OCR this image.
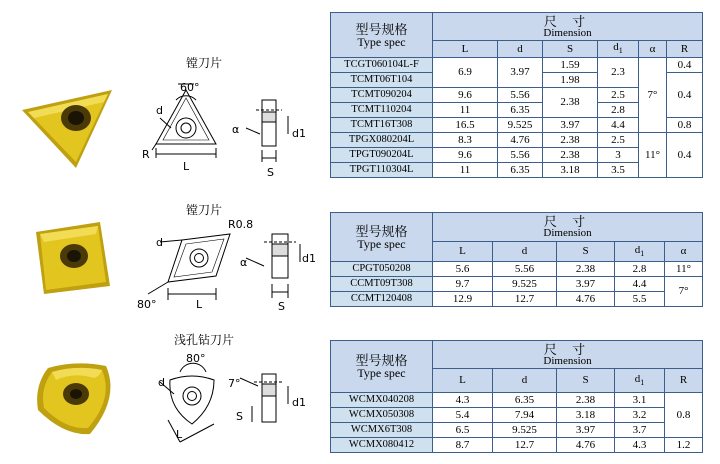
镗刀片
60°
d
R
L
α	d1
S
型号规格
Type spec	尺 寸
Dimension					
	L	d	S	$d_1$	α	R
TCGT060104L-F	6.9	3.97	1.59	2.3	7°	0.4
TCMT06T104			1.98			0.4
TCMT090204	9.6	5.56	2.38	2.5		
TCMT110204	11	6.35		2.8		
TCMT16T308	16.5	9.525	3.97	4.4		0.8
TPGX080204L	8.3	4.76	2.38	2.5	11°	0.4
TPGT090204L	9.6	5.56	2.38	3		
TPGT110304L	11	6.35	3.18	3.5		
镗刀片
R0.8
d
80°	L
α	d1
S
型号规格
Type spec	尺 寸
Dimension				
	L	d	S	$d_1$	α
CPGT050208	5.6	5.56	2.38	2.8	11°
CCMT09T308	9.7	9.525	3.97	4.4	7°
CCMT120408	12.9	12.7	4.76	5.5	
浅孔钻刀片
80°
d	7°
L
S
d1
型号规格
Type spec	尺 寸
Dimension				
	L	d	S	$d_1$	R
WCMX040208	4.3	6.35	2.38	3.1	0.8
WCMX050308	5.4	7.94	3.18	3.2	
WCMX6T308	6.5	9.525	3.97	3.7	
WCMX080412	8.7	12.7	4.76	4.3	1.2
